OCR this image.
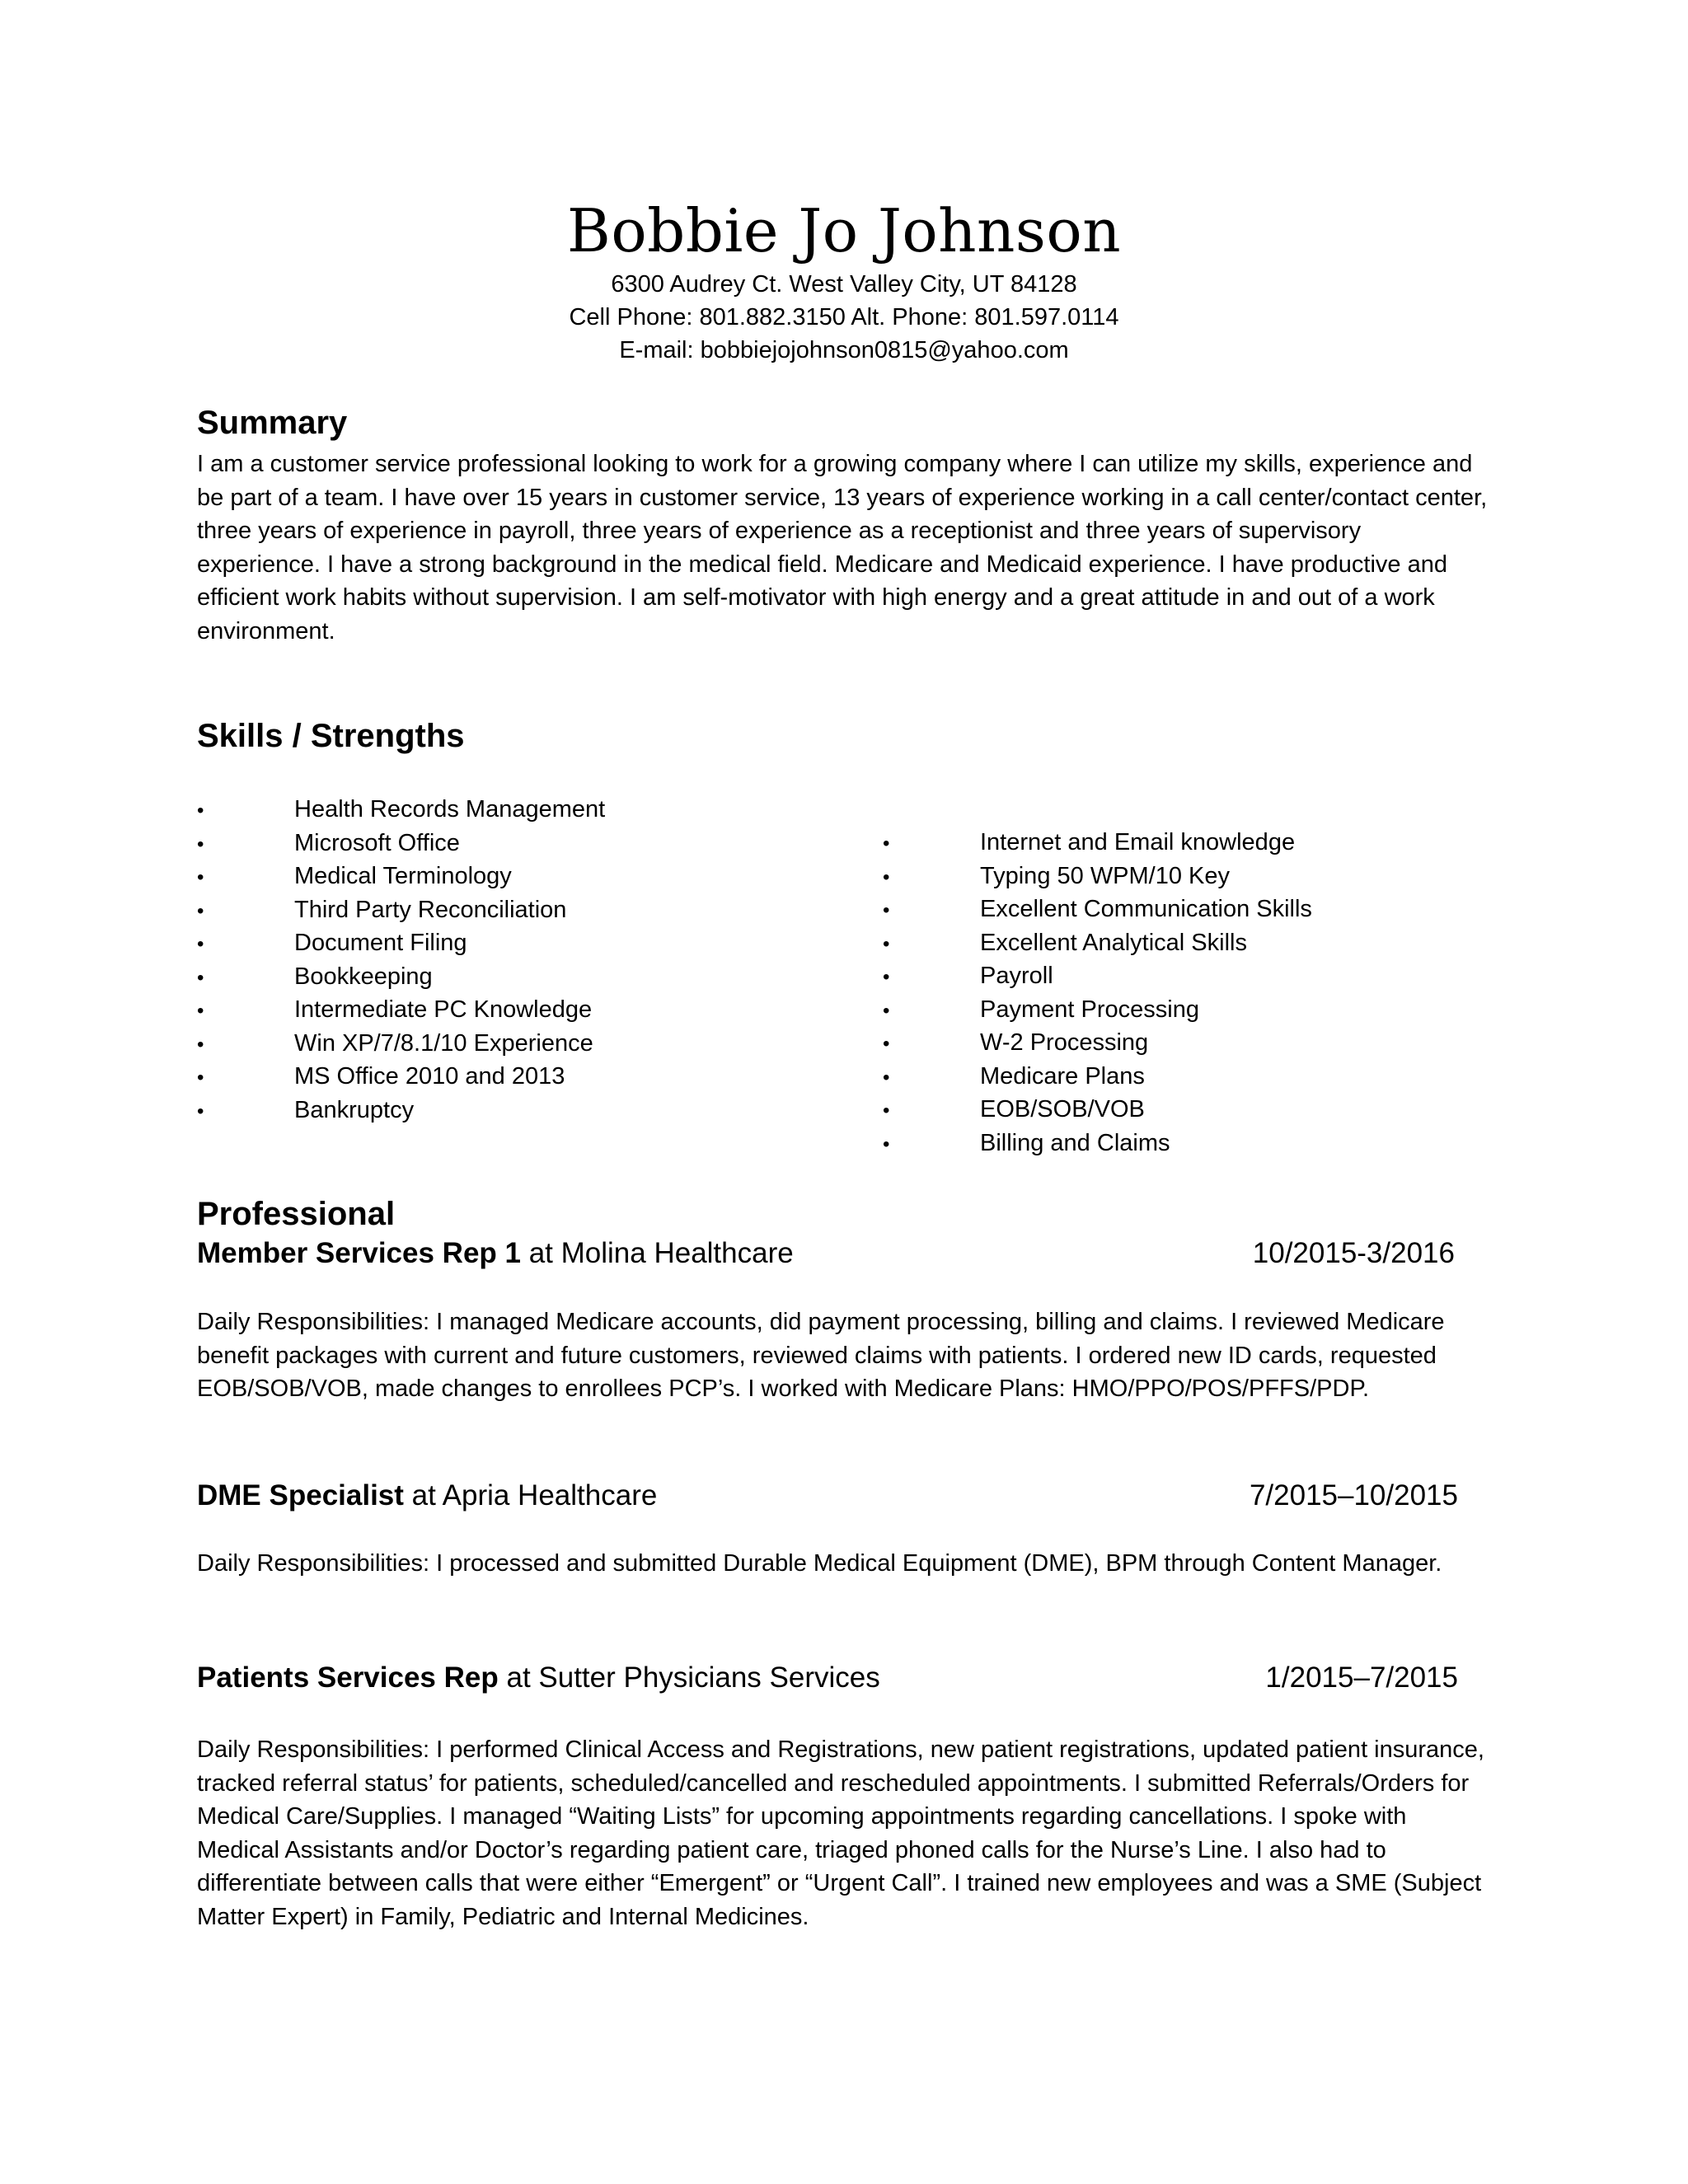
Bobbie Jo Johnson
6300 Audrey Ct. West Valley City, UT 84128
Cell Phone: 801.882.3150 Alt. Phone: 801.597.0114
E-mail: bobbiejojohnson0815@yahoo.com
Summary

I am a customer service professional looking to work for a growing company where I can utilize my skills, experience and be part of a team. I have over 15 years in customer service, 13 years of experience working in a call center/contact center, three years of experience in payroll, three years of experience as a receptionist and three years of supervisory experience. I have a strong background in the medical field. Medicare and Medicaid experience. I have productive and efficient work habits without supervision. I am self-motivator with high energy and a great attitude in and out of a work environment.

Skills / Strengths
•	Health Records Management
•	Microsoft Office
•	Medical Terminology
•	Third Party Reconciliation
•	Document Filing
•	Bookkeeping
•	Intermediate PC Knowledge
•	Win XP/7/8.1/10 Experience
•	MS Office 2010 and 2013
•	Bankruptcy
•	Internet and Email knowledge
•	Typing 50 WPM/10 Key
•	Excellent Communication Skills
•	Excellent Analytical Skills
•	Payroll
•	Payment Processing
•	W-2 Processing
•	Medicare Plans
•	EOB/SOB/VOB
•	Billing and Claims
Professional
Member Services Rep 1 at Molina Healthcare	10/2015-3/2016

Daily Responsibilities: I managed Medicare accounts, did payment processing, billing and claims. I reviewed Medicare benefit packages with current and future customers, reviewed claims with patients. I ordered new ID cards, requested EOB/SOB/VOB, made changes to enrollees PCP’s. I worked with Medicare Plans: HMO/PPO/POS/PFFS/PDP.

DME Specialist at Apria Healthcare	7/2015–10/2015

Daily Responsibilities: I processed and submitted Durable Medical Equipment (DME), BPM through Content Manager.

Patients Services Rep at Sutter Physicians Services	1/2015–7/2015

Daily Responsibilities: I performed Clinical Access and Registrations, new patient registrations, updated patient insurance, tracked referral status’ for patients, scheduled/cancelled and rescheduled appointments. I submitted Referrals/Orders for Medical Care/Supplies. I managed “Waiting Lists” for upcoming appointments regarding cancellations. I spoke with Medical Assistants and/or Doctor’s regarding patient care, triaged phoned calls for the Nurse’s Line. I also had to differentiate between calls that were either “Emergent” or “Urgent Call”. I trained new employees and was a SME (Subject Matter Expert) in Family, Pediatric and Internal Medicines.
